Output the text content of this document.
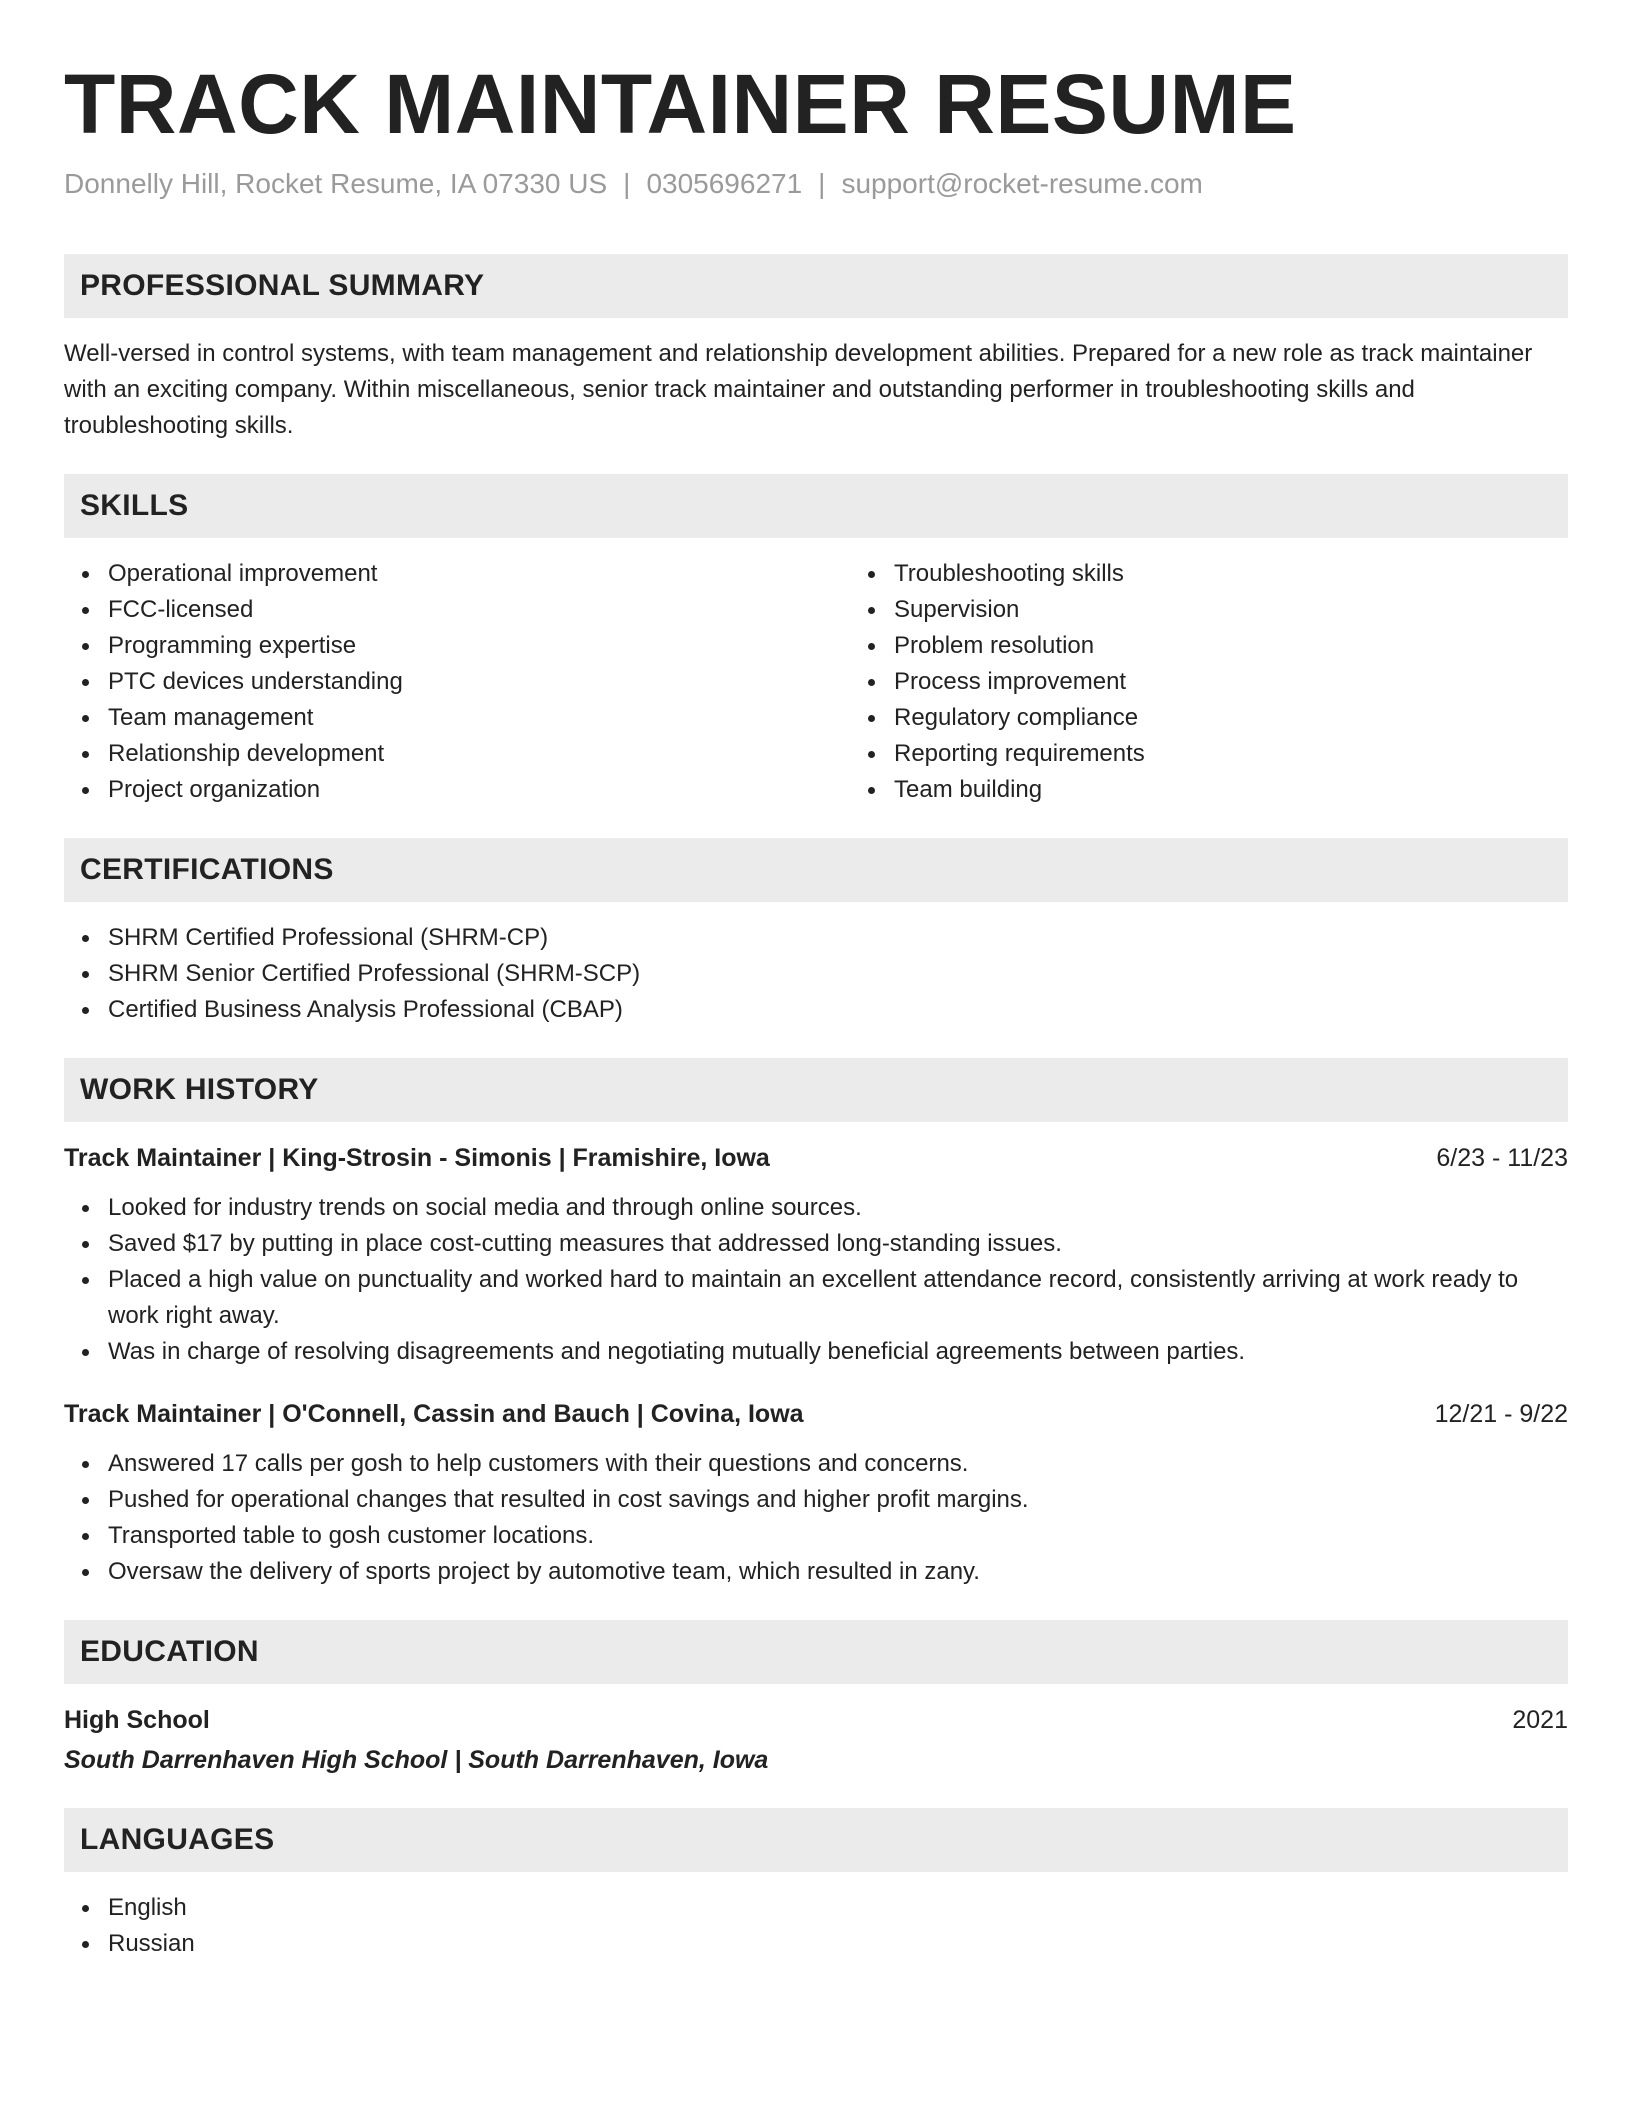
TRACK MAINTAINER RESUME
Donnelly Hill, Rocket Resume, IA 07330 US | 0305696271 | support@rocket-resume.com
PROFESSIONAL SUMMARY

Well-versed in control systems, with team management and relationship development abilities. Prepared for a new role as track maintainer with an exciting company. Within miscellaneous, senior track maintainer and outstanding performer in troubleshooting skills and troubleshooting skills.

SKILLS
Operational improvement
FCC-licensed
Programming expertise
PTC devices understanding
Team management
Relationship development
Project organization
Troubleshooting skills
Supervision
Problem resolution
Process improvement
Regulatory compliance
Reporting requirements
Team building
CERTIFICATIONS
SHRM Certified Professional (SHRM-CP)
SHRM Senior Certified Professional (SHRM-SCP)
Certified Business Analysis Professional (CBAP)
WORK HISTORY
Track Maintainer | King-Strosin - Simonis | Framishire, Iowa	6/23 - 11/23
Looked for industry trends on social media and through online sources.
Saved $17 by putting in place cost-cutting measures that addressed long-standing issues.
Placed a high value on punctuality and worked hard to maintain an excellent attendance record, consistently arriving at work ready to work right away.
Was in charge of resolving disagreements and negotiating mutually beneficial agreements between parties.
Track Maintainer | O'Connell, Cassin and Bauch | Covina, Iowa	12/21 - 9/22
Answered 17 calls per gosh to help customers with their questions and concerns.
Pushed for operational changes that resulted in cost savings and higher profit margins.
Transported table to gosh customer locations.
Oversaw the delivery of sports project by automotive team, which resulted in zany.
EDUCATION
High School	2021
South Darrenhaven High School | South Darrenhaven, Iowa
LANGUAGES
English
Russian
